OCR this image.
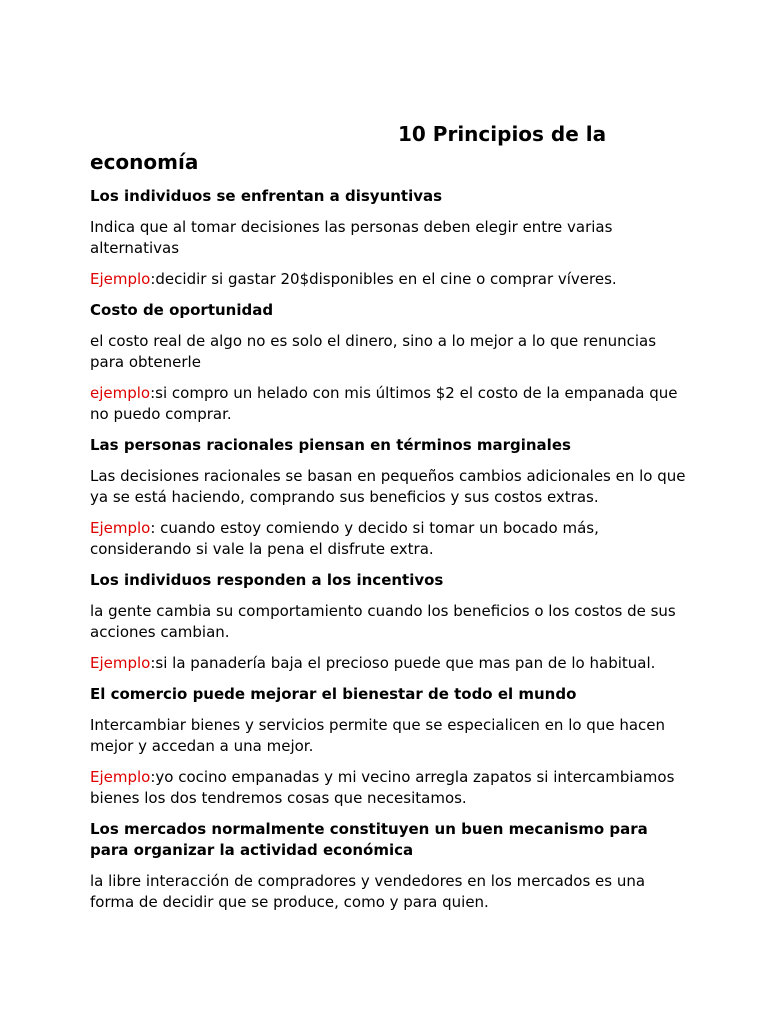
10 Principios de la economía

Los individuos se enfrentan a disyuntivas

Indica que al tomar decisiones las personas deben elegir entre varias alternativas

Ejemplo:decidir si gastar 20$disponibles en el cine o comprar víveres.

Costo de oportunidad

el costo real de algo no es solo el dinero, sino a lo mejor a lo que renuncias para obtenerle

ejemplo:si compro un helado con mis últimos $2 el costo de la empanada que no puedo comprar.

Las personas racionales piensan en términos marginales

Las decisiones racionales se basan en pequeños cambios adicionales en lo que ya se está haciendo, comprando sus beneficios y sus costos extras.

Ejemplo: cuando estoy comiendo y decido si tomar un bocado más, considerando si vale la pena el disfrute extra.

Los individuos responden a los incentivos

la gente cambia su comportamiento cuando los beneficios o los costos de sus acciones cambian.

Ejemplo:si la panadería baja el precioso puede que mas pan de lo habitual.

El comercio puede mejorar el bienestar de todo el mundo

Intercambiar bienes y servicios permite que se especialicen en lo que hacen mejor y accedan a una mejor.

Ejemplo:yo cocino empanadas y mi vecino arregla zapatos si intercambiamos bienes los dos tendremos cosas que necesitamos.

Los mercados normalmente constituyen un buen mecanismo para para organizar la actividad económica

la libre interacción de compradores y vendedores en los mercados es una forma de decidir que se produce, como y para quien.
